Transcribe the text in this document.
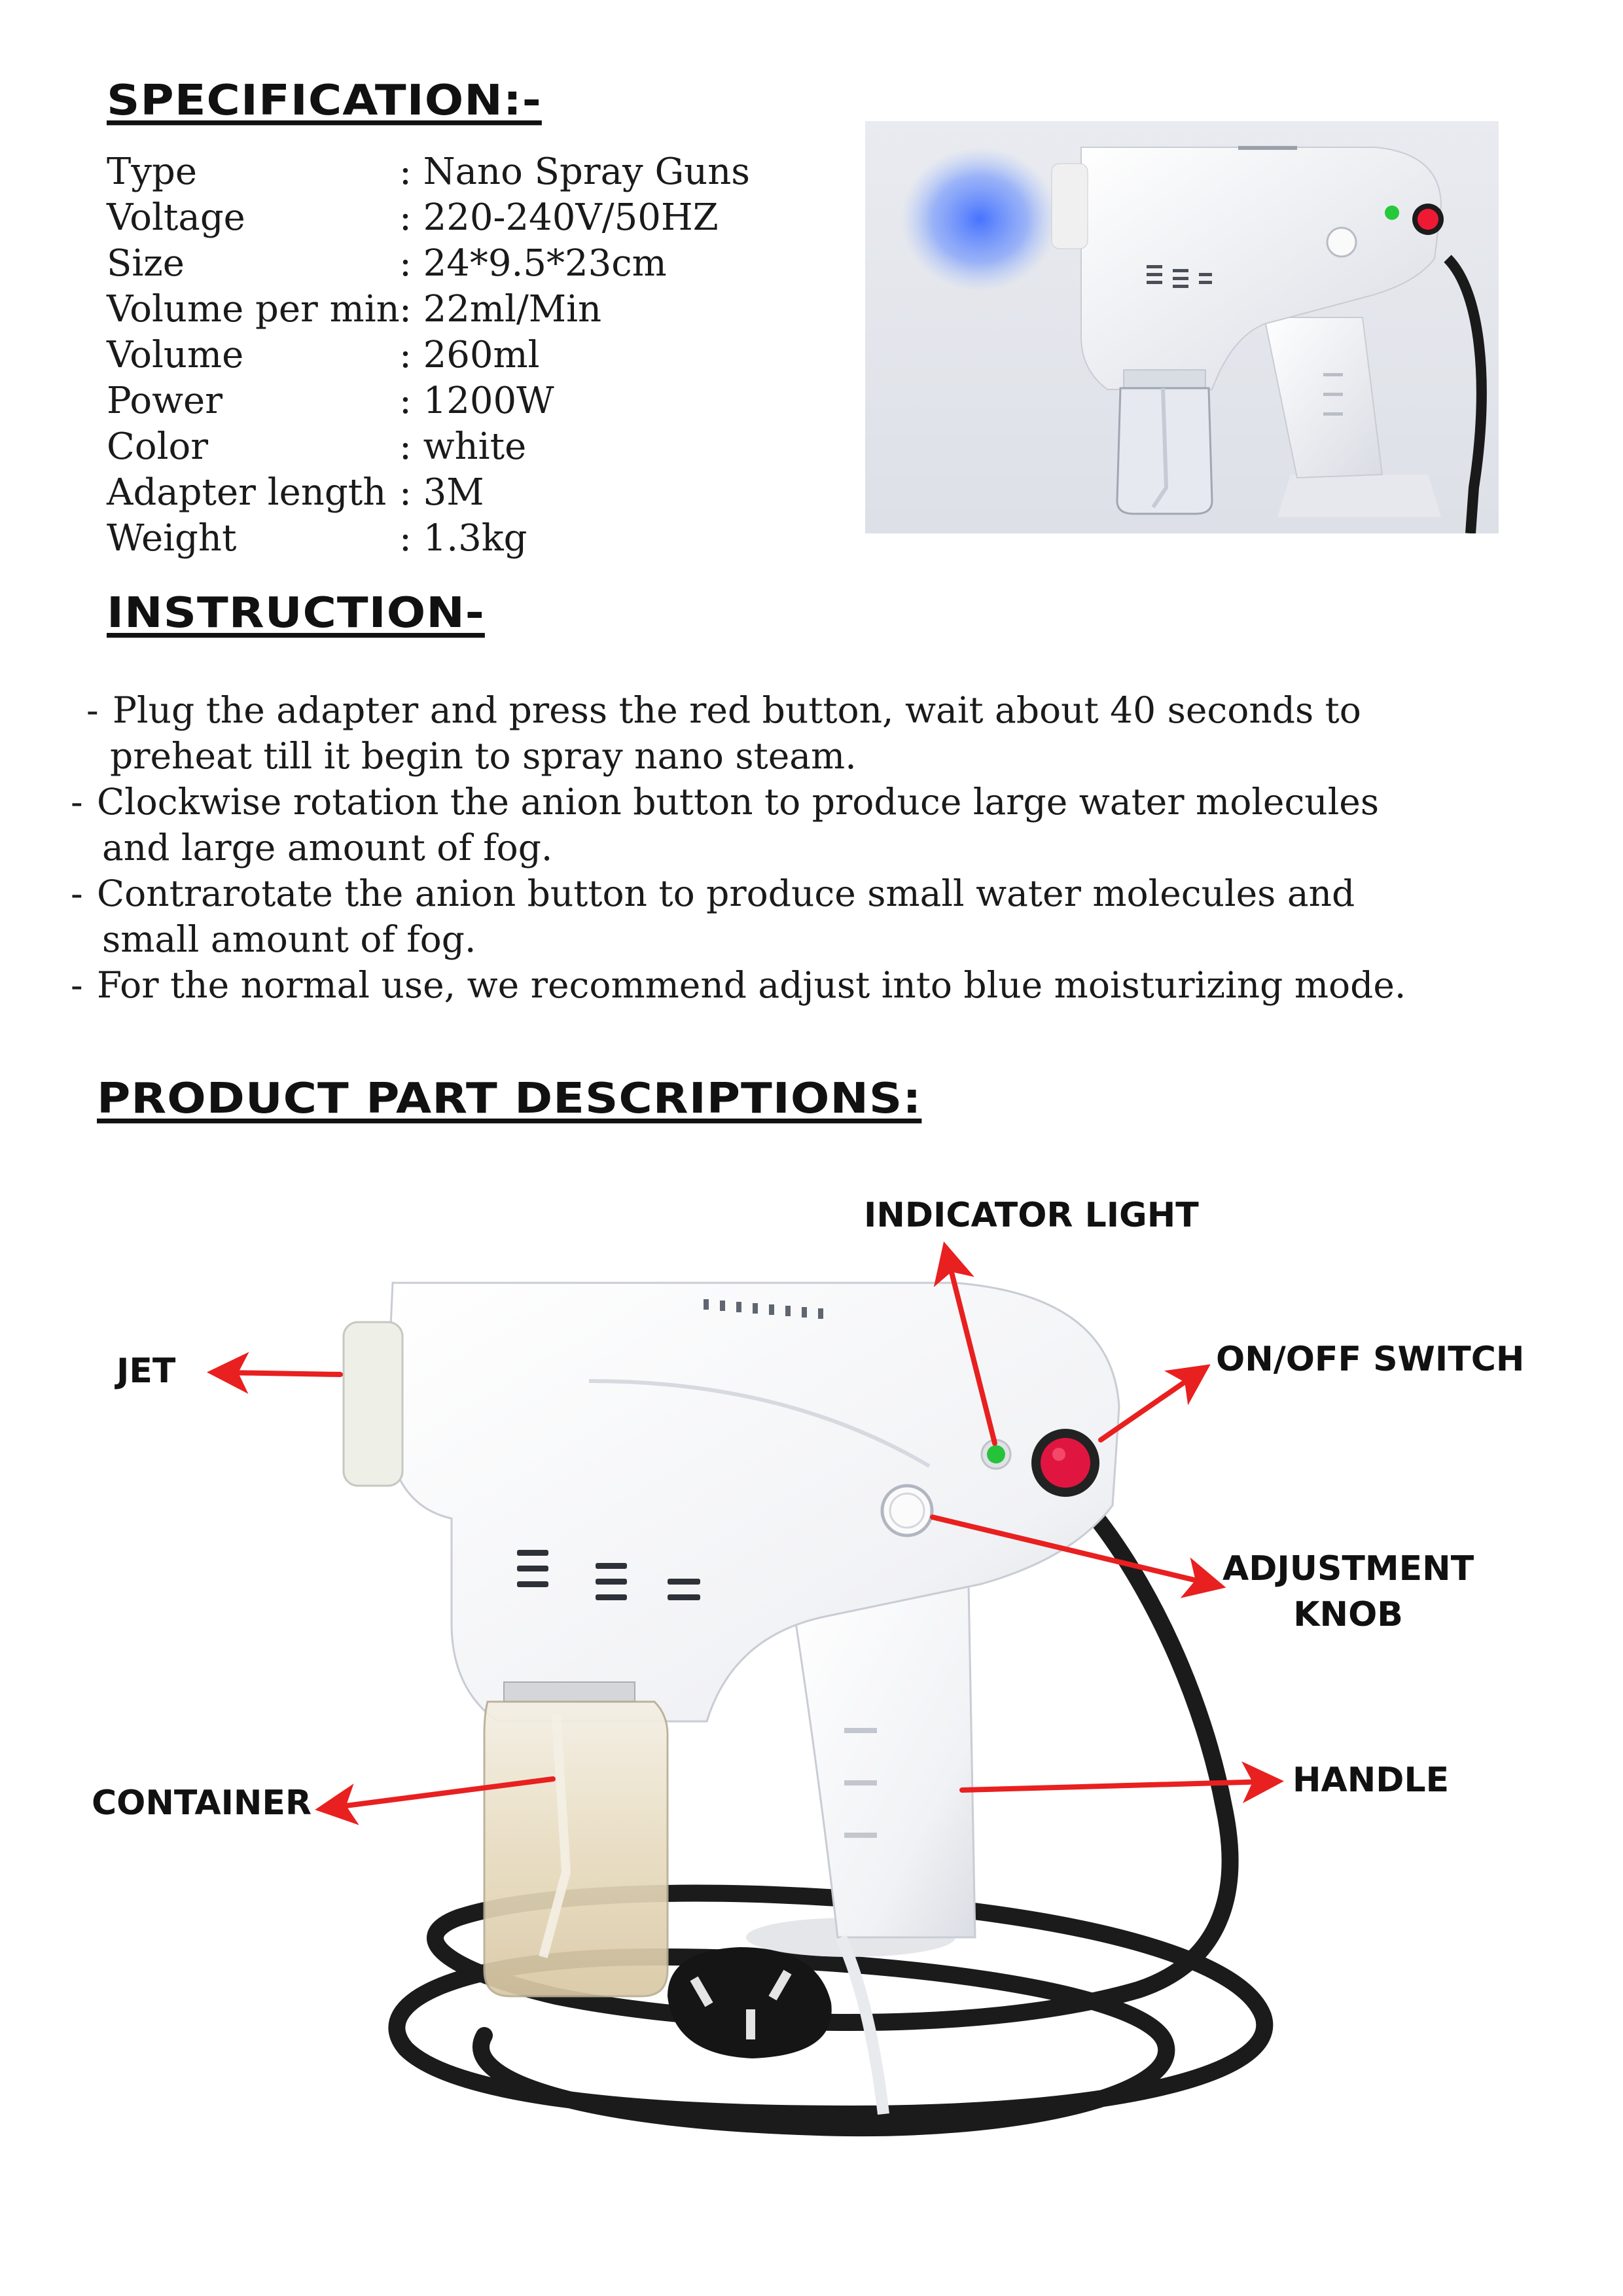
SPECIFICATION:-
Type	: Nano Spray Guns
Voltage	: 220-240V/50HZ
Size	: 24*9.5*23cm
Volume per min : 22ml/Min
Volume	: 260ml
Power	: 1200W
Color	: white
Adapter length : 3M
Weight	: 1.3kg
INSTRUCTION-

- Plug the adapter and press the red button, wait about 40 seconds to preheat till it begin to spray nano steam.

- Clockwise rotation the anion button to produce large water molecules and large amount of fog.

- Contrarotate the anion button to produce small water molecules and small amount of fog.

- For the normal use, we recommend adjust into blue moisturizing mode.

PRODUCT PART DESCRIPTIONS:
INDICATOR LIGHT
JET	ON/OFF SWITCH
ADJUSTMENT
KNOB
HANDLE
CONTAINER
